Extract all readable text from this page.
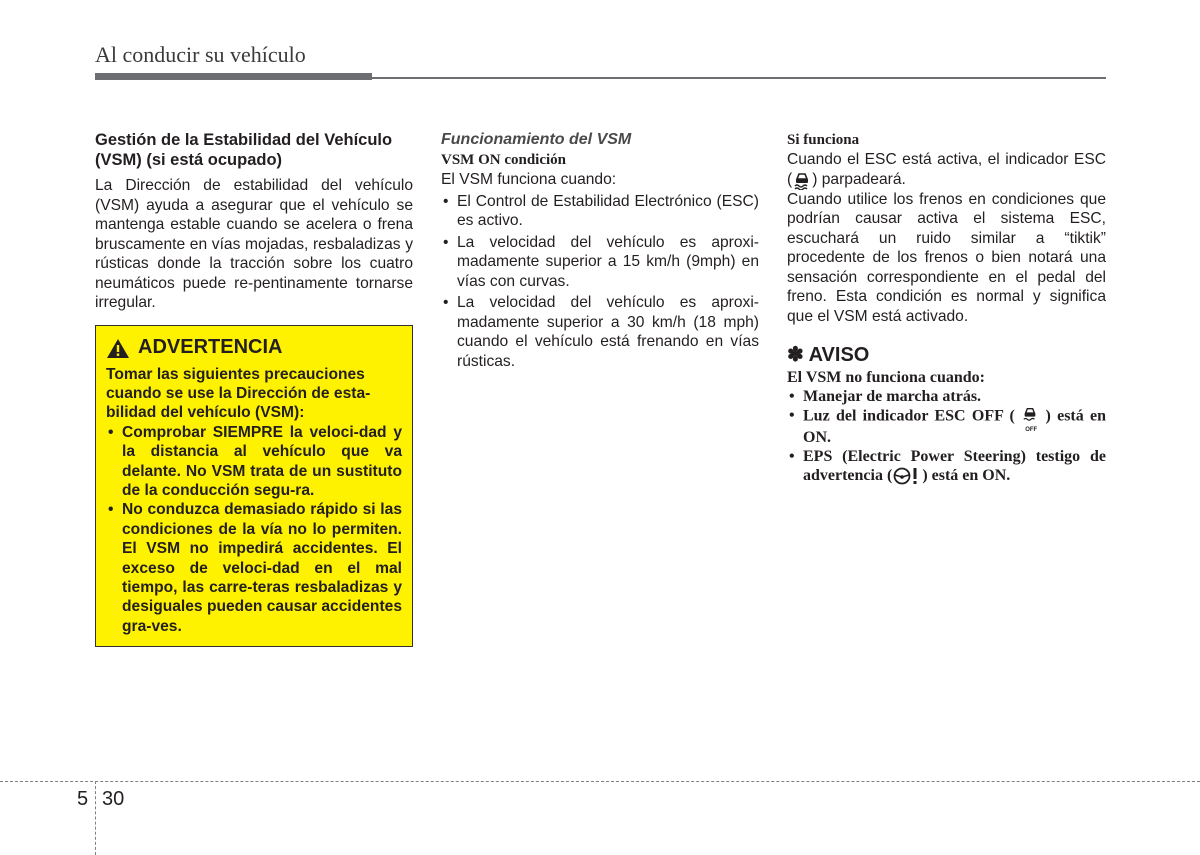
Al conducir su vehículo
Gestión de la Estabilidad del Vehículo (VSM) (si está ocupado)

La Dirección de estabilidad del vehículo (VSM) ayuda a asegurar que el vehículo se mantenga estable cuando se acelera o frena bruscamente en vías mojadas, resbaladizas y rústicas donde la tracción sobre los cuatro neumáticos puede re-pentinamente tornarse irregular.

ADVERTENCIA

Tomar las siguientes precauciones cuando se use la Dirección de esta-bilidad del vehículo (VSM):

• Comprobar SIEMPRE la veloci-dad y la distancia al vehículo que va delante. No VSM trata de un sustituto de la conducción segu-ra.
• No conduzca demasiado rápido si las condiciones de la vía no lo permiten. El VSM no impedirá accidentes. El exceso de veloci-dad en el mal tiempo, las carre-teras resbaladizas y desiguales pueden causar accidentes gra-ves.

Funcionamiento del VSM

VSM ON condición

El VSM funciona cuando:

• El Control de Estabilidad Electrónico (ESC) es activo.
• La velocidad del vehículo es aproxi-madamente superior a 15 km/h (9mph) en vías con curvas.
• La velocidad del vehículo es aproxi-madamente superior a 30 km/h (18 mph) cuando el vehículo está frenando en vías rústicas.

Si funciona

Cuando el ESC está activa, el indicador ESC ( ) parpadeará.

Cuando utilice los frenos en condiciones que podrían causar activa el sistema ESC, escuchará un ruido similar a “tiktik” procedente de los frenos o bien notará una sensación correspondiente en el pedal del freno. Esta condición es normal y significa que el VSM está activado.

✽ AVISO

El VSM no funciona cuando:

• Manejar de marcha atrás.
• Luz del indicador ESC OFF (
OFF
) está en ON.
• EPS (Electric Power Steering) testigo de advertencia ( ) está en ON.
5 30
